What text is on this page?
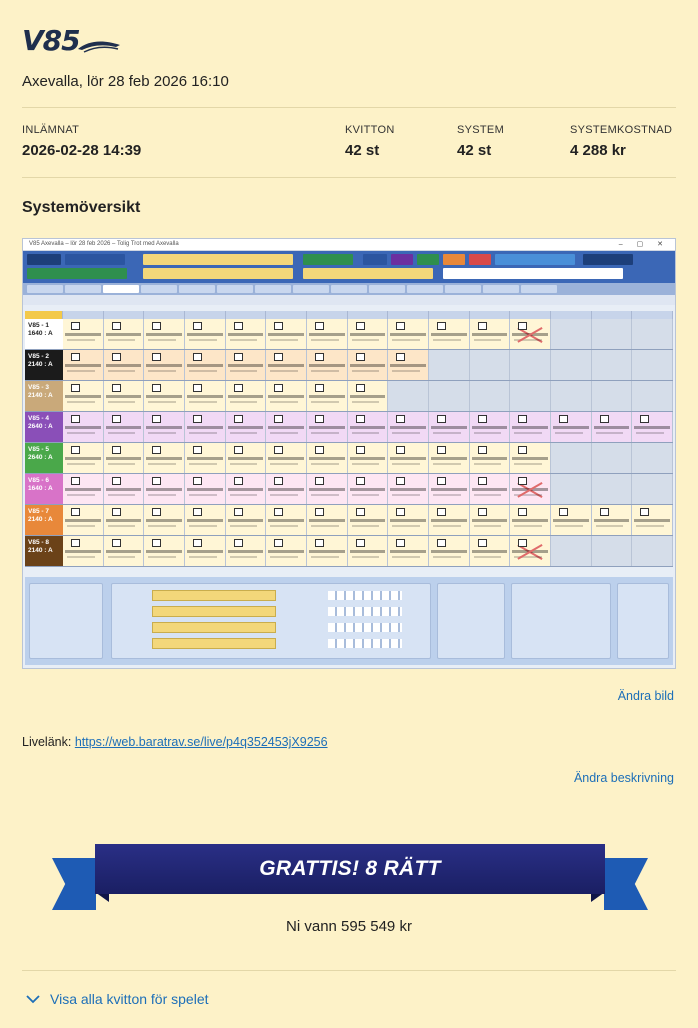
V85
Axevalla, lör 28 feb 2026 16:10
INLÄMNAT
2026-02-28 14:39
KVITTON
42 st
SYSTEM
42 st
SYSTEMKOSTNAD
4 288 kr
Systemöversikt
V85 Axevalla – lör 28 feb 2026 – Tolig Trot med Axevalla	– ▢ ✕
V85 - 1
1640 : A
V85 - 2
2140 : A
V85 - 3
2140 : A
V85 - 4
2640 : A
V85 - 5
2640 : A
V85 - 6
1640 : A
V85 - 7
2140 : A
V85 - 8
2140 : A
Ändra bild
Livelänk: https://web.baratrav.se/live/p4q352453jX9256
Ändra beskrivning
GRATTIS! 8 RÄTT
Ni vann 595 549 kr
Visa alla kvitton för spelet
